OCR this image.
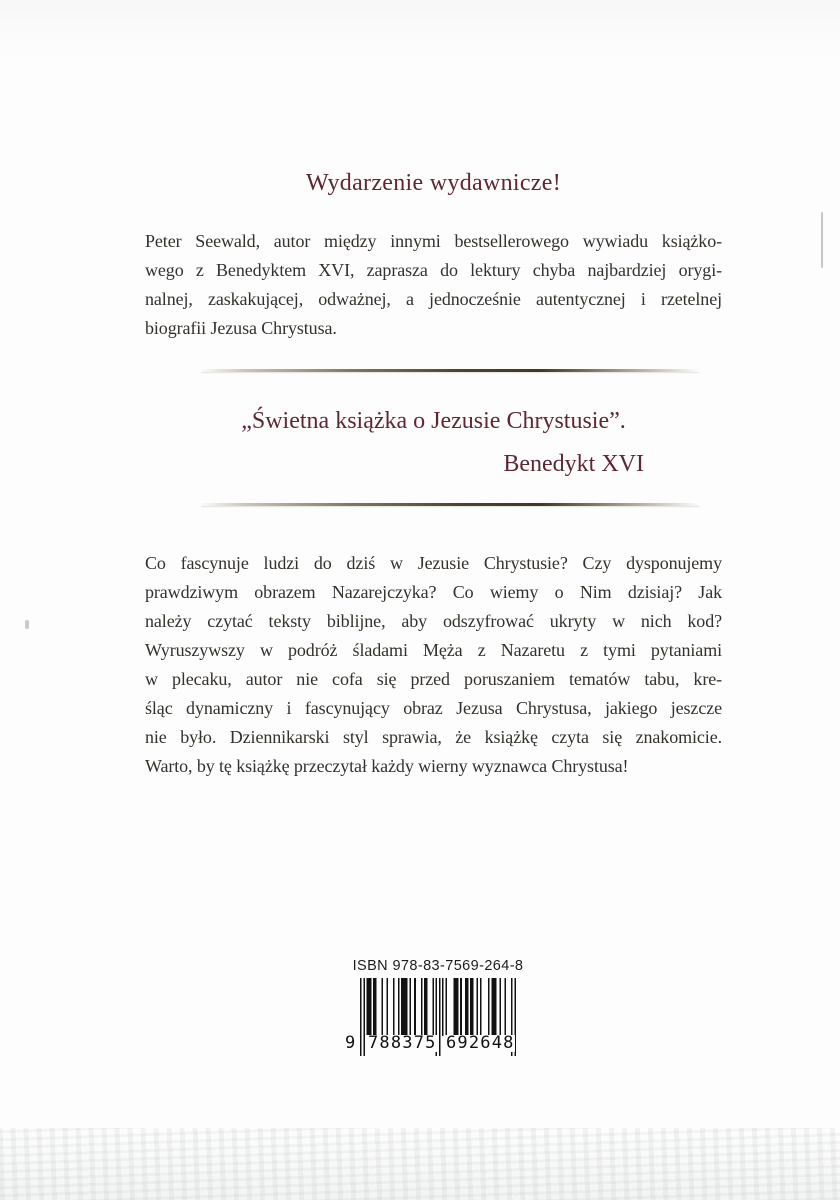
Wydarzenie wydawnicze!
Peter Seewald, autor między innymi bestsellerowego wywiadu książko-
wego z Benedyktem XVI, zaprasza do lektury chyba najbardziej orygi-
nalnej, zaskakującej, odważnej, a jednocześnie autentycznej i rzetelnej
biografii Jezusa Chrystusa.
„Świetna książka o Jezusie Chrystusie”.
Benedykt XVI
Co fascynuje ludzi do dziś w Jezusie Chrystusie? Czy dysponujemy
prawdziwym obrazem Nazarejczyka? Co wiemy o Nim dzisiaj? Jak
należy czytać teksty biblijne, aby odszyfrować ukryty w nich kod?
Wyruszywszy w podróż śladami Męża z Nazaretu z tymi pytaniami
w plecaku, autor nie cofa się przed poruszaniem tematów tabu, kre-
śląc dynamiczny i fascynujący obraz Jezusa Chrystusa, jakiego jeszcze
nie było. Dziennikarski styl sprawia, że książkę czyta się znakomicie.
Warto, by tę książkę przeczytał każdy wierny wyznawca Chrystusa!
ISBN 978-83-7569-264-8
9 788375 692648
